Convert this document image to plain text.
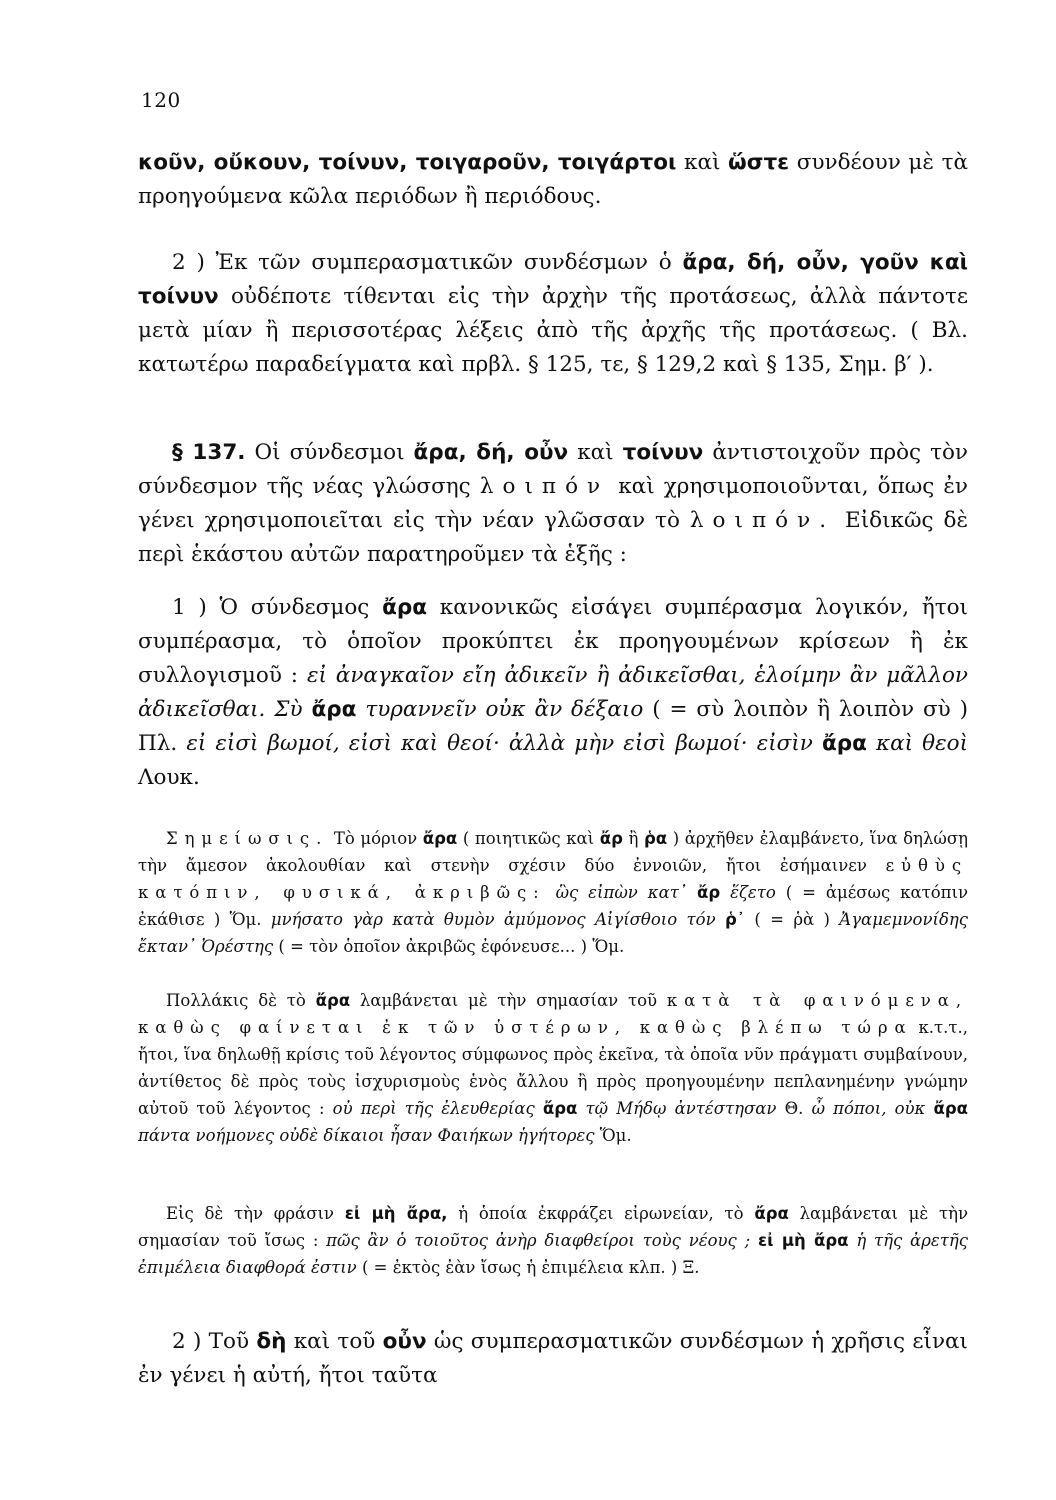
120

κοῦν, οὔκουν, τοίνυν, τοιγαροῦν, τοιγάρτοι καὶ ὥστε συνδέουν μὲ τὰ προηγούμενα κῶλα περιόδων ἢ περιόδους.

2 ) Ἐκ τῶν συμπερασματικῶν συνδέσμων ὁ ἄρα, δή, οὖν, γοῦν καὶ τοίνυν οὐδέποτε τίθενται εἰς τὴν ἀρχὴν τῆς προτάσεως, ἀλλὰ πάντοτε μετὰ μίαν ἢ περισσοτέρας λέξεις ἀπὸ τῆς ἀρχῆς τῆς προτάσεως. ( Βλ. κατωτέρω παραδείγματα καὶ πρβλ. § 125, τε, § 129,2 καὶ § 135, Σημ. β′ ).

§ 137. Οἱ σύνδεσμοι ἄρα, δή, οὖν καὶ τοίνυν ἀντιστοιχοῦν πρὸς τὸν σύνδεσμον τῆς νέας γλώσσης λοιπόν καὶ χρησιμοποιοῦνται, ὅπως ἐν γένει χρησιμοποιεῖται εἰς τὴν νέαν γλῶσσαν τὸ λοιπόν. Εἰδικῶς δὲ περὶ ἑκάστου αὐτῶν παρατηροῦμεν τὰ ἑξῆς :

1 ) Ὁ σύνδεσμος ἄρα κανονικῶς εἰσάγει συμπέρασμα λογικόν, ἤτοι συμπέρασμα, τὸ ὁποῖον προκύπτει ἐκ προηγουμένων κρίσεων ἢ ἐκ συλλογισμοῦ : εἰ ἀναγκαῖον εἴη ἀδικεῖν ἢ ἀδικεῖσθαι, ἑλοίμην ἂν μᾶλλον ἀδικεῖσθαι. Σὺ ἄρα τυραννεῖν οὐκ ἂν δέξαιο ( = σὺ λοιπὸν ἢ λοιπὸν σὺ ) Πλ. εἰ εἰσὶ βωμοί, εἰσὶ καὶ θεοί· ἀλλὰ μὴν εἰσὶ βωμοί· εἰσὶν ἄρα καὶ θεοὶ Λουκ.

Σημείωσις. Τὸ μόριον ἄρα ( ποιητικῶς καὶ ἄρ ἢ ῥα ) ἀρχῆθεν ἐλαμβάνετο, ἵνα δηλώσῃ τὴν ἄμεσον ἀκολουθίαν καὶ στενὴν σχέσιν δύο ἐννοιῶν, ἤτοι ἐσήμαινεν εὐθὺς κατόπιν, φυσικά, ἀκριβῶς: ὣς εἰπὼν κατ᾽ ἄρ ἕζετο ( = ἀμέσως κατόπιν ἐκάθισε ) Ὅμ. μνήσατο γὰρ κατὰ θυμὸν ἀμύμονος Αἰγίσθοιο τόν ῥ᾽ ( = ῥὰ ) Ἀγαμεμνονίδης ἔκταν᾽ Ὀρέστης ( = τὸν ὁποῖον ἀκριβῶς ἐφόνευσε... ) Ὅμ.

Πολλάκις δὲ τὸ ἄρα λαμβάνεται μὲ τὴν σημασίαν τοῦ κατὰ τὰ φαινόμενα, καθὼς φαίνεται ἐκ τῶν ὑστέρων, καθὼς βλέπω τώρα κ.τ.τ., ἤτοι, ἵνα δηλωθῇ κρίσις τοῦ λέγοντος σύμφωνος πρὸς ἐκεῖνα, τὰ ὁποῖα νῦν πράγματι συμβαίνουν, ἀντίθετος δὲ πρὸς τοὺς ἰσχυρισμοὺς ἑνὸς ἄλλου ἢ πρὸς προηγουμένην πεπλανημένην γνώμην αὐτοῦ τοῦ λέγοντος : οὐ περὶ τῆς ἐλευθερίας ἄρα τῷ Μήδῳ ἀντέστησαν Θ. ὦ πόποι, οὐκ ἄρα πάντα νοήμονες οὐδὲ δίκαιοι ἦσαν Φαιήκων ἡγήτορες Ὅμ.

Εἰς δὲ τὴν φράσιν εἰ μὴ ἄρα, ἡ ὁποία ἐκφράζει εἰρωνείαν, τὸ ἄρα λαμβάνεται μὲ τὴν σημασίαν τοῦ ἴσως : πῶς ἂν ὁ τοιοῦτος ἀνὴρ διαφθείροι τοὺς νέους ; εἰ μὴ ἄρα ἡ τῆς ἀρετῆς ἐπιμέλεια διαφθορά ἐστιν ( = ἐκτὸς ἐὰν ἴσως ἡ ἐπιμέλεια κλπ. ) Ξ.

2 ) Τοῦ δὴ καὶ τοῦ οὖν ὡς συμπερασματικῶν συνδέσμων ἡ χρῆσις εἶναι ἐν γένει ἡ αὐτή, ἤτοι ταῦτα
